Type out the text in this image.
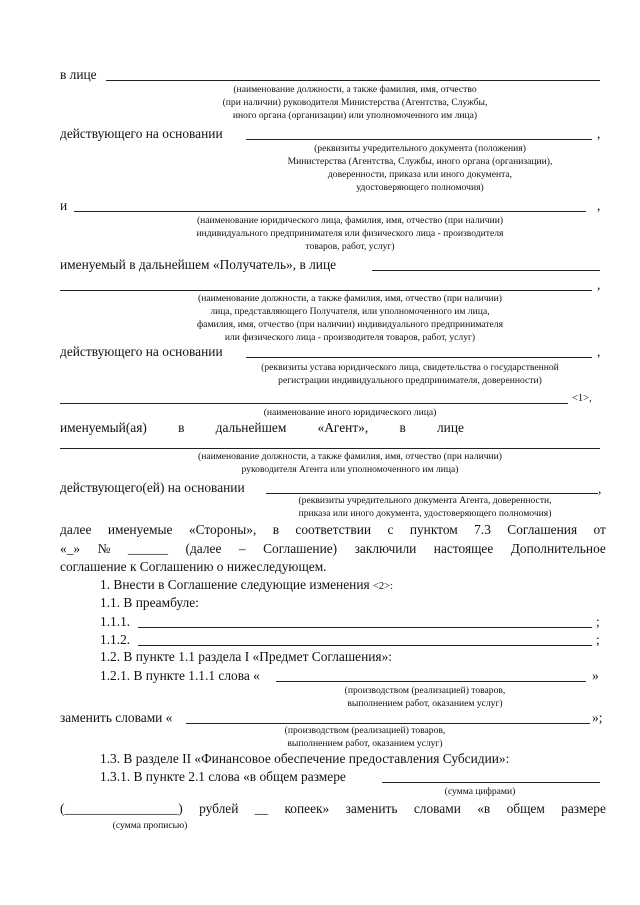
в лице
(наименование должности, а также фамилия, имя, отчество
(при наличии) руководителя Министерства (Агентства, Службы,
иного органа (организации) или уполномоченного им лица)
действующего на основании	,
(реквизиты учредительного документа (положения)
Министерства (Агентства, Службы, иного органа (организации),
доверенности, приказа или иного документа,
удостоверяющего полномочия)
и	,
(наименование юридического лица, фамилия, имя, отчество (при наличии)
индивидуального предпринимателя или физического лица - производителя
товаров, работ, услуг)
именуемый в дальнейшем «Получатель», в лице
,
(наименование должности, а также фамилия, имя, отчество (при наличии)
лица, представляющего Получателя, или уполномоченного им лица,
фамилия, имя, отчество (при наличии) индивидуального предпринимателя
или физического лица - производителя товаров, работ, услуг)
действующего на основании	,
(реквизиты устава юридического лица, свидетельства о государственной
регистрации индивидуального предпринимателя, доверенности)
<1>,
(наименование иного юридического лица)
именуемый(ая) в дальнейшем «Агент», в лице
(наименование должности, а также фамилия, имя, отчество (при наличии)
руководителя Агента или уполномоченного им лица)
действующего(ей) на основании	,
(реквизиты учредительного документа Агента, доверенности,
приказа или иного документа, удостоверяющего полномочия)
далее именуемые «Стороны», в соответствии с пунктом 7.3 Соглашения от
«_» № ______ (далее – Соглашение) заключили настоящее Дополнительное
соглашение к Соглашению о нижеследующем.
1. Внести в Соглашение следующие изменения <2>:
1.1. В преамбуле:
1.1.1.	;
1.1.2.	;
1.2. В пункте 1.1 раздела I «Предмет Соглашения»:
1.2.1. В пункте 1.1.1 слова «	»
(производством (реализацией) товаров,
выполнением работ, оказанием услуг)
заменить словами «	»;
(производством (реализацией) товаров,
выполнением работ, оказанием услуг)
1.3. В разделе II «Финансовое обеспечение предоставления Субсидии»:
1.3.1. В пункте 2.1 слова «в общем размере
(сумма цифрами)
(_________________) рублей __ копеек» заменить словами «в общем размере
(сумма прописью)
